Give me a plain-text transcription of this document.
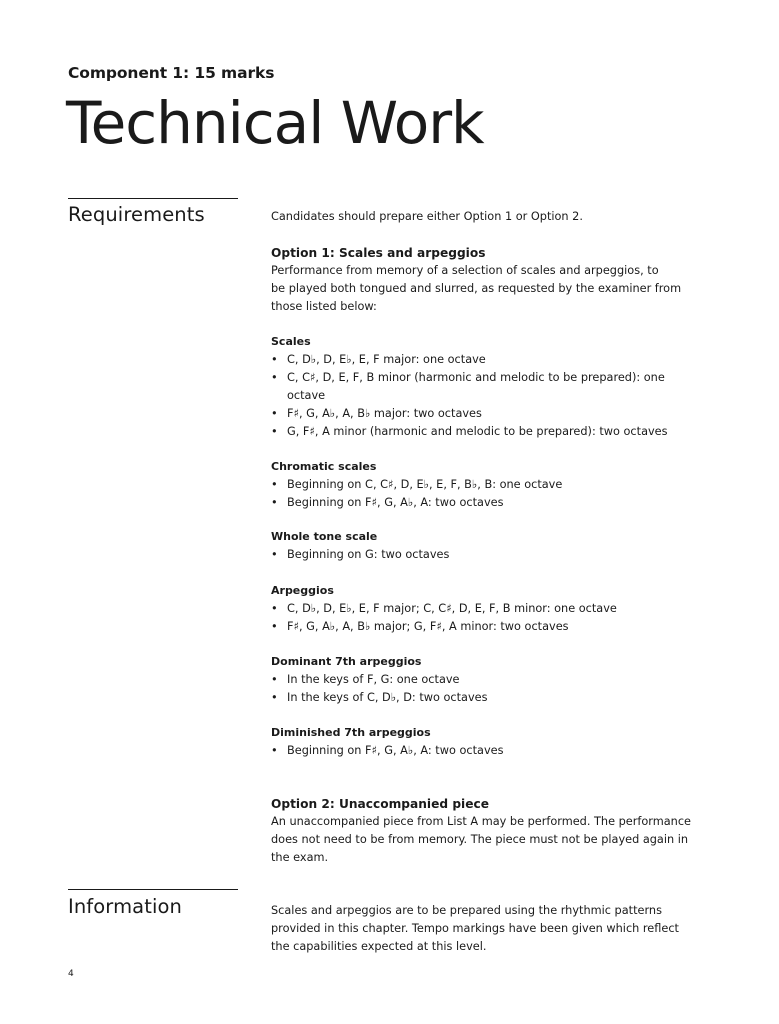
Component 1: 15 marks
Technical Work
Requirements	Candidates should prepare either Option 1 or Option 2.

Option 1: Scales and arpeggios

Performance from memory of a selection of scales and arpeggios, to

be played both tongued and slurred, as requested by the examiner from

those listed below:

Scales

• C, D♭, D, E♭, E, F major: one octave
• C, C♯, D, E, F, B minor (harmonic and melodic to be prepared): one
octave
• F♯, G, A♭, A, B♭ major: two octaves
• G, F♯, A minor (harmonic and melodic to be prepared): two octaves

Chromatic scales

• Beginning on C, C♯, D, E♭, E, F, B♭, B: one octave
• Beginning on F♯, G, A♭, A: two octaves

Whole tone scale

• Beginning on G: two octaves

Arpeggios

• C, D♭, D, E♭, E, F major; C, C♯, D, E, F, B minor: one octave
• F♯, G, A♭, A, B♭ major; G, F♯, A minor: two octaves

Dominant 7th arpeggios

• In the keys of F, G: one octave
• In the keys of C, D♭, D: two octaves

Diminished 7th arpeggios

• Beginning on F♯, G, A♭, A: two octaves

Option 2: Unaccompanied piece

An unaccompanied piece from List A may be performed. The performance

does not need to be from memory. The piece must not be played again in

the exam.

Information	Scales and arpeggios are to be prepared using the rhythmic patterns

provided in this chapter. Tempo markings have been given which reflect

the capabilities expected at this level.

4
